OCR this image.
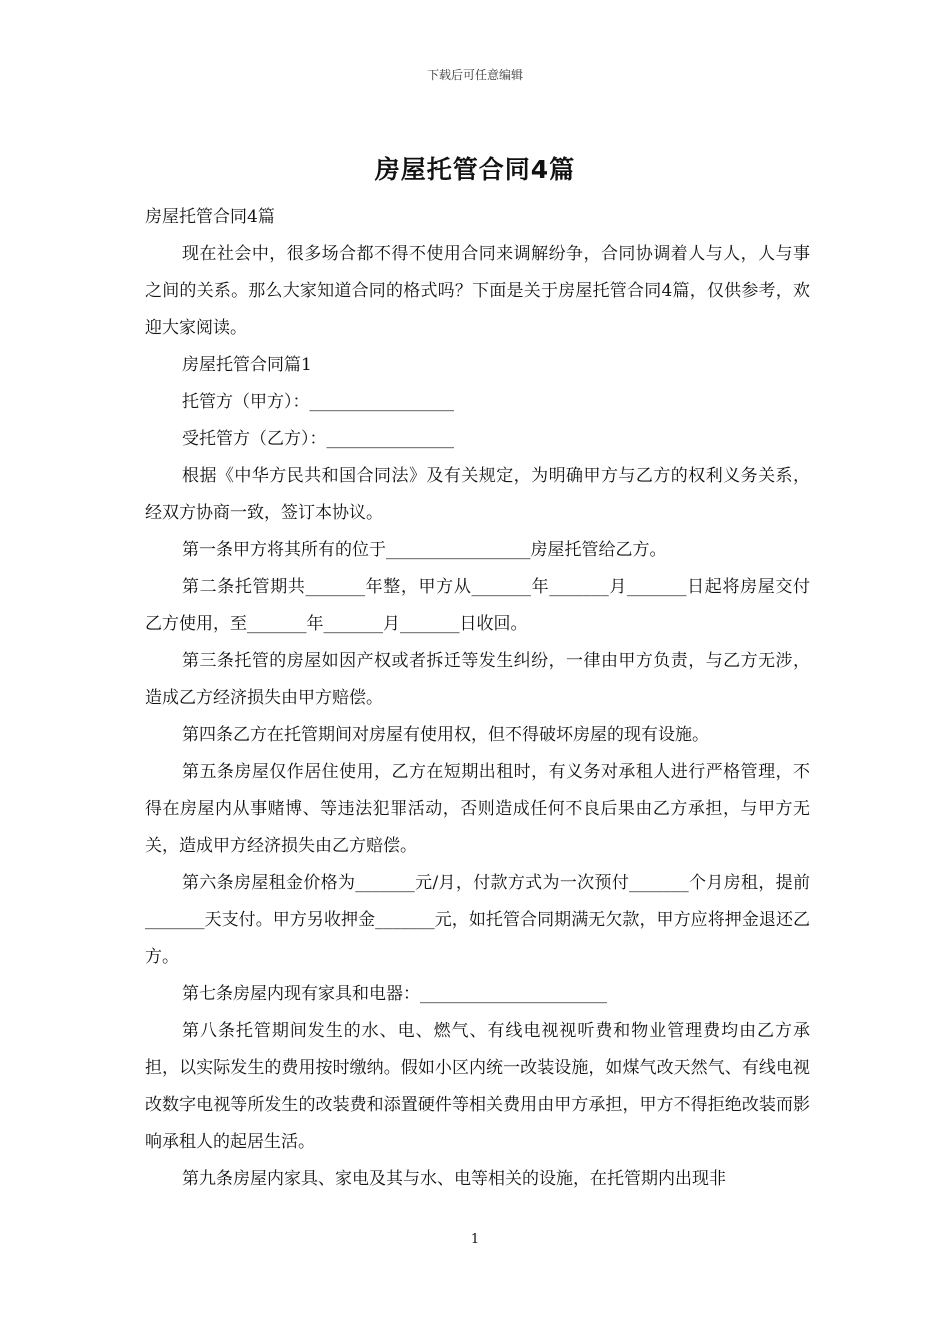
下载后可任意编辑
房屋托管合同4篇

房屋托管合同4篇

现在社会中，很多场合都不得不使用合同来调解纷争，合同协调着人与人，人与事之间的关系。那么大家知道合同的格式吗？下面是关于房屋托管合同4篇，仅供参考，欢迎大家阅读。

房屋托管合同篇1

托管方（甲方）：_________________

受托管方（乙方）：_______________

根据《中华方民共和国合同法》及有关规定，为明确甲方与乙方的权利义务关系，经双方协商一致，签订本协议。

第一条甲方将其所有的位于_________________房屋托管给乙方。

第二条托管期共_______年整，甲方从_______年_______月_______日起将房屋交付乙方使用，至_______年_______月_______日收回。

第三条托管的房屋如因产权或者拆迁等发生纠纷，一律由甲方负责，与乙方无涉，造成乙方经济损失由甲方赔偿。

第四条乙方在托管期间对房屋有使用权，但不得破坏房屋的现有设施。

第五条房屋仅作居住使用，乙方在短期出租时，有义务对承租人进行严格管理，不得在房屋内从事赌博、等违法犯罪活动，否则造成任何不良后果由乙方承担，与甲方无关，造成甲方经济损失由乙方赔偿。

第六条房屋租金价格为_______元/月，付款方式为一次预付_______个月房租，提前_______天支付。甲方另收押金_______元，如托管合同期满无欠款，甲方应将押金退还乙方。

第七条房屋内现有家具和电器：______________________

第八条托管期间发生的水、电、燃气、有线电视视听费和物业管理费均由乙方承担，以实际发生的费用按时缴纳。假如小区内统一改装设施，如煤气改天然气、有线电视改数字电视等所发生的改装费和添置硬件等相关费用由甲方承担，甲方不得拒绝改装而影响承租人的起居生活。

第九条房屋内家具、家电及其与水、电等相关的设施，在托管期内出现非

1
